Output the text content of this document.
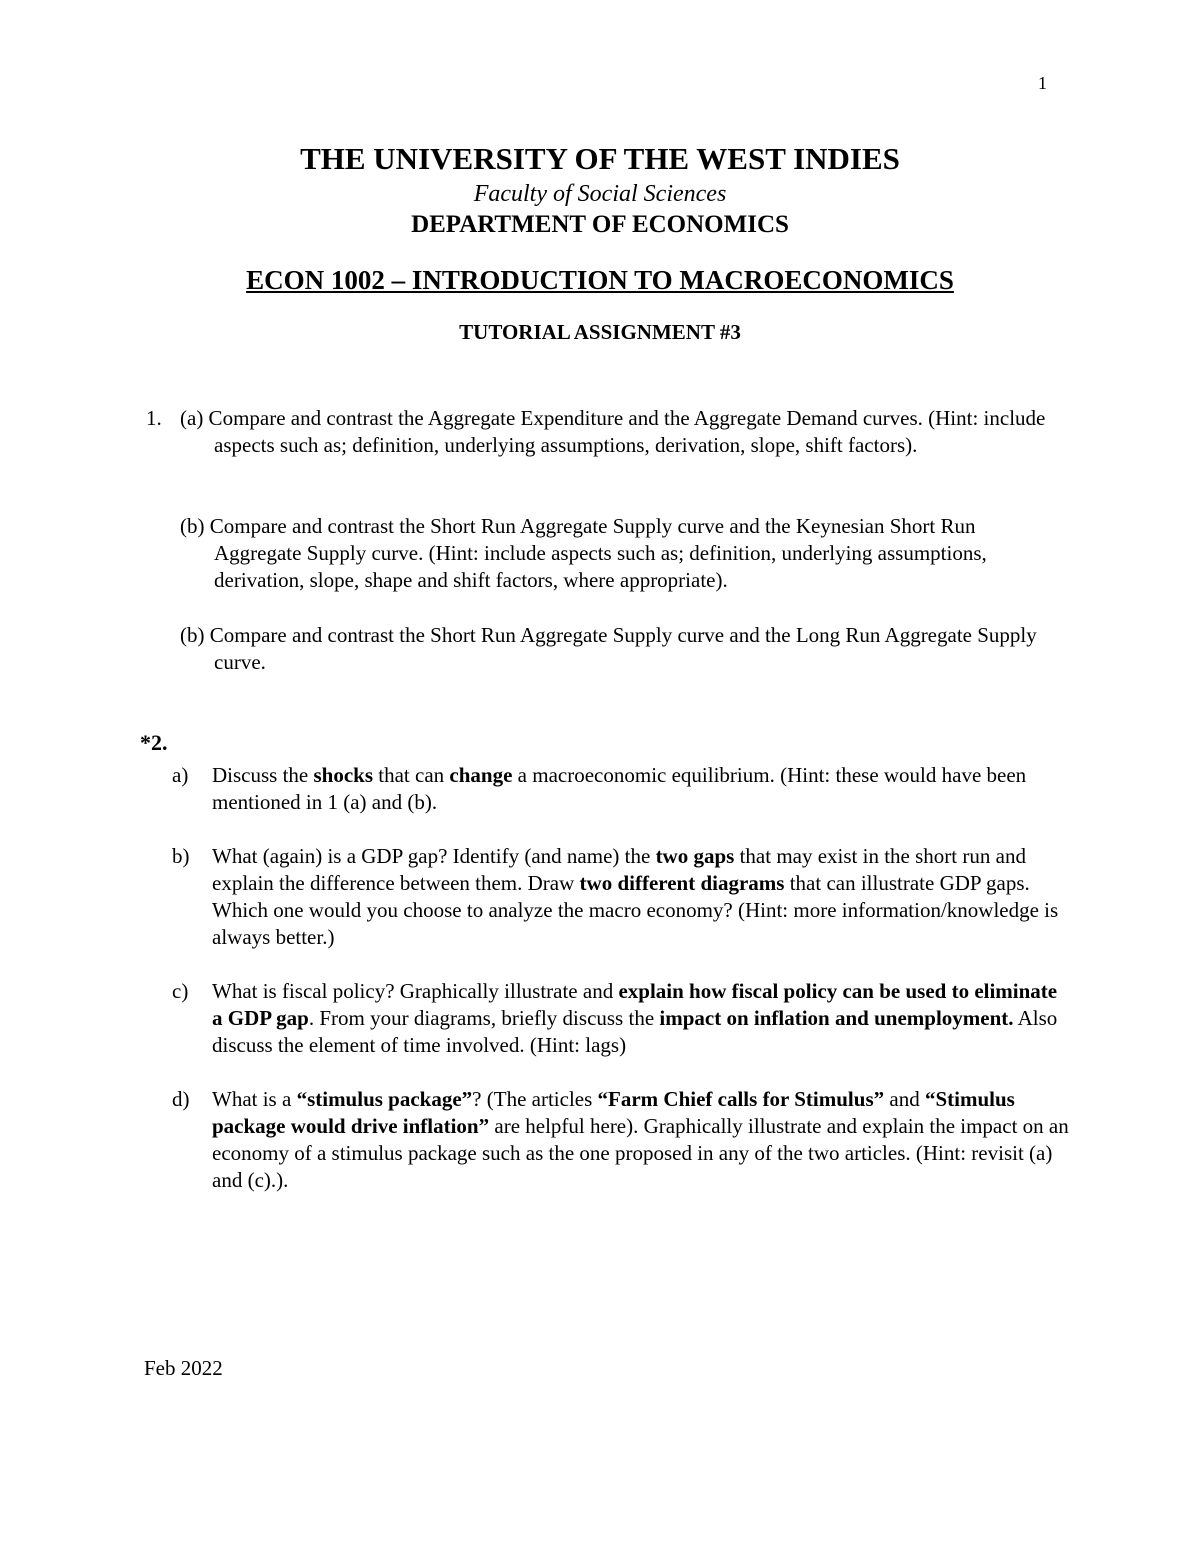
1
THE UNIVERSITY OF THE WEST INDIES
Faculty of Social Sciences
DEPARTMENT OF ECONOMICS
ECON 1002 – INTRODUCTION TO MACROECONOMICS
TUTORIAL ASSIGNMENT #3
1. (a) Compare and contrast the Aggregate Expenditure and the Aggregate Demand curves. (Hint: include aspects such as; definition, underlying assumptions, derivation, slope, shift factors).

(b) Compare and contrast the Short Run Aggregate Supply curve and the Keynesian Short Run Aggregate Supply curve. (Hint: include aspects such as; definition, underlying assumptions, derivation, slope, shape and shift factors, where appropriate).

(b) Compare and contrast the Short Run Aggregate Supply curve and the Long Run Aggregate Supply curve.

*2.
a) Discuss the shocks that can change a macroeconomic equilibrium. (Hint: these would have been mentioned in 1 (a) and (b).
b) What (again) is a GDP gap? Identify (and name) the two gaps that may exist in the short run and explain the difference between them. Draw two different diagrams that can illustrate GDP gaps. Which one would you choose to analyze the macro economy? (Hint: more information/knowledge is always better.)
c) What is fiscal policy? Graphically illustrate and explain how fiscal policy can be used to eliminate a GDP gap. From your diagrams, briefly discuss the impact on inflation and unemployment. Also discuss the element of time involved. (Hint: lags)
d) What is a “stimulus package”? (The articles “Farm Chief calls for Stimulus” and “Stimulus package would drive inflation” are helpful here). Graphically illustrate and explain the impact on an economy of a stimulus package such as the one proposed in any of the two articles. (Hint: revisit (a) and (c).).
Feb 2022
